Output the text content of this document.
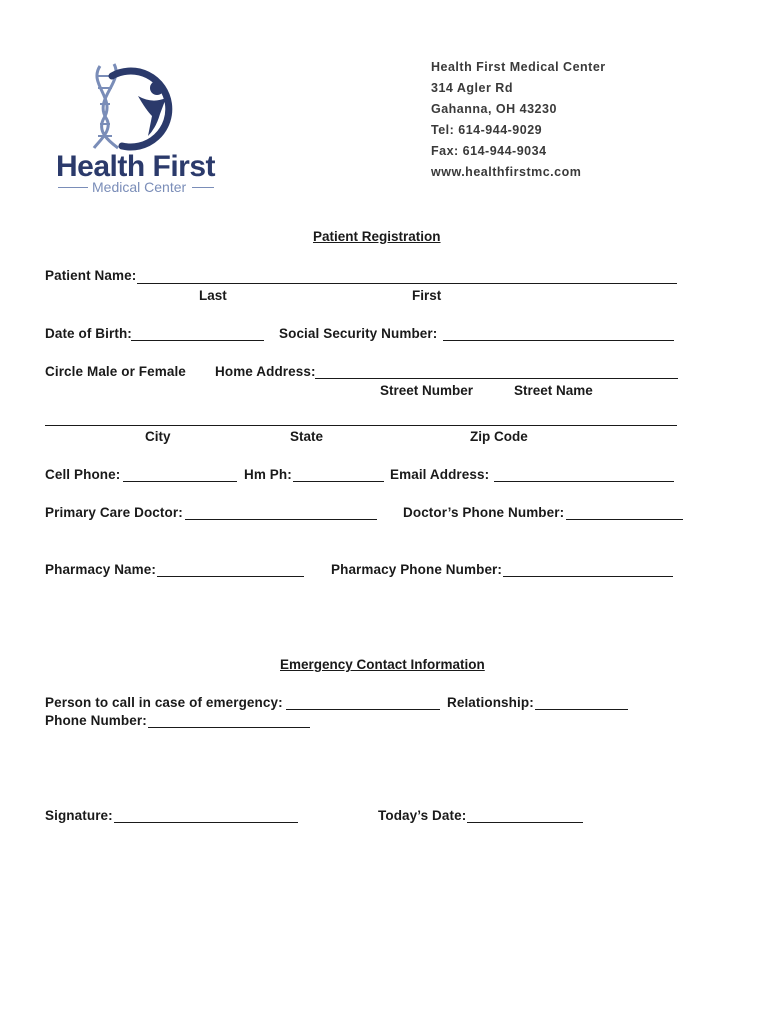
Health First
Medical Center
Health First Medical Center
314 Agler Rd
Gahanna, OH 43230
Tel: 614-944-9029
Fax: 614-944-9034
www.healthfirstmc.com
Patient Registration
Patient Name:
Last	First
Date of Birth:	Social Security Number:
Circle Male or Female Home Address:
Street Number	Street Name
City	State	Zip Code
Cell Phone:	Hm Ph:	Email Address:
Primary Care Doctor:	Doctor’s Phone Number:
Pharmacy Name:	Pharmacy Phone Number:
Emergency Contact Information
Person to call in case of emergency:	Relationship:
Phone Number:
Signature:	Today’s Date:
